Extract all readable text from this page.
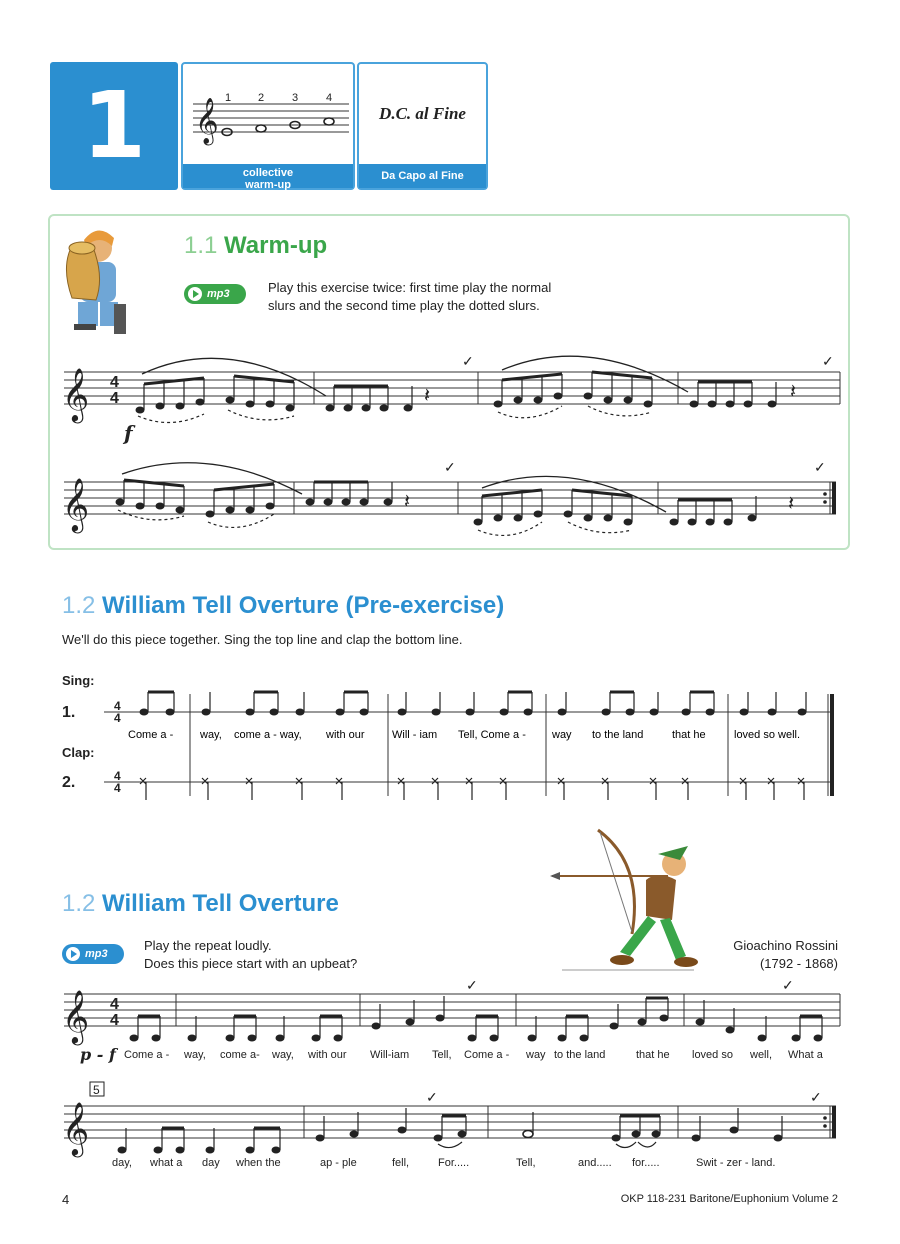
1	𝄞 1 2	3	4
collective
warm-up
D.C. al Fine
Da Capo al Fine
1.1 Warm-up
mp3	Play this exercise twice: first time play the normal
slurs and the second time play the dotted slurs.
𝄞 4
4
f
𝄽	𝄽
✓	✓
𝄞	𝄽	𝄽
✓	✓
1.2 William Tell Overture (Pre-exercise)
We'll do this piece together. Sing the top line and clap the bottom line.
Sing:
1.
Clap:
2.
4
4
4
4
Come a - way, come a - way, with our Will - iam Tell, Come a - way to the land	that he	loved so well.
1.2 William Tell Overture
mp3
Play the repeat loudly.
Does this piece start with an upbeat?
Gioachino Rossini
(1792 - 1868)
𝄞 4
4
✓	✓
p - f Come a - way, come a- way, with our Will-iam Tell, Come a - way to the land	that he loved so well, What a
5
𝄞
✓	✓
day, what a day when the	ap - ple	fell,	For.....	Tell,	and..... for.....	Swit - zer - land.
4	OKP 118-231 Baritone/Euphonium Volume 2
